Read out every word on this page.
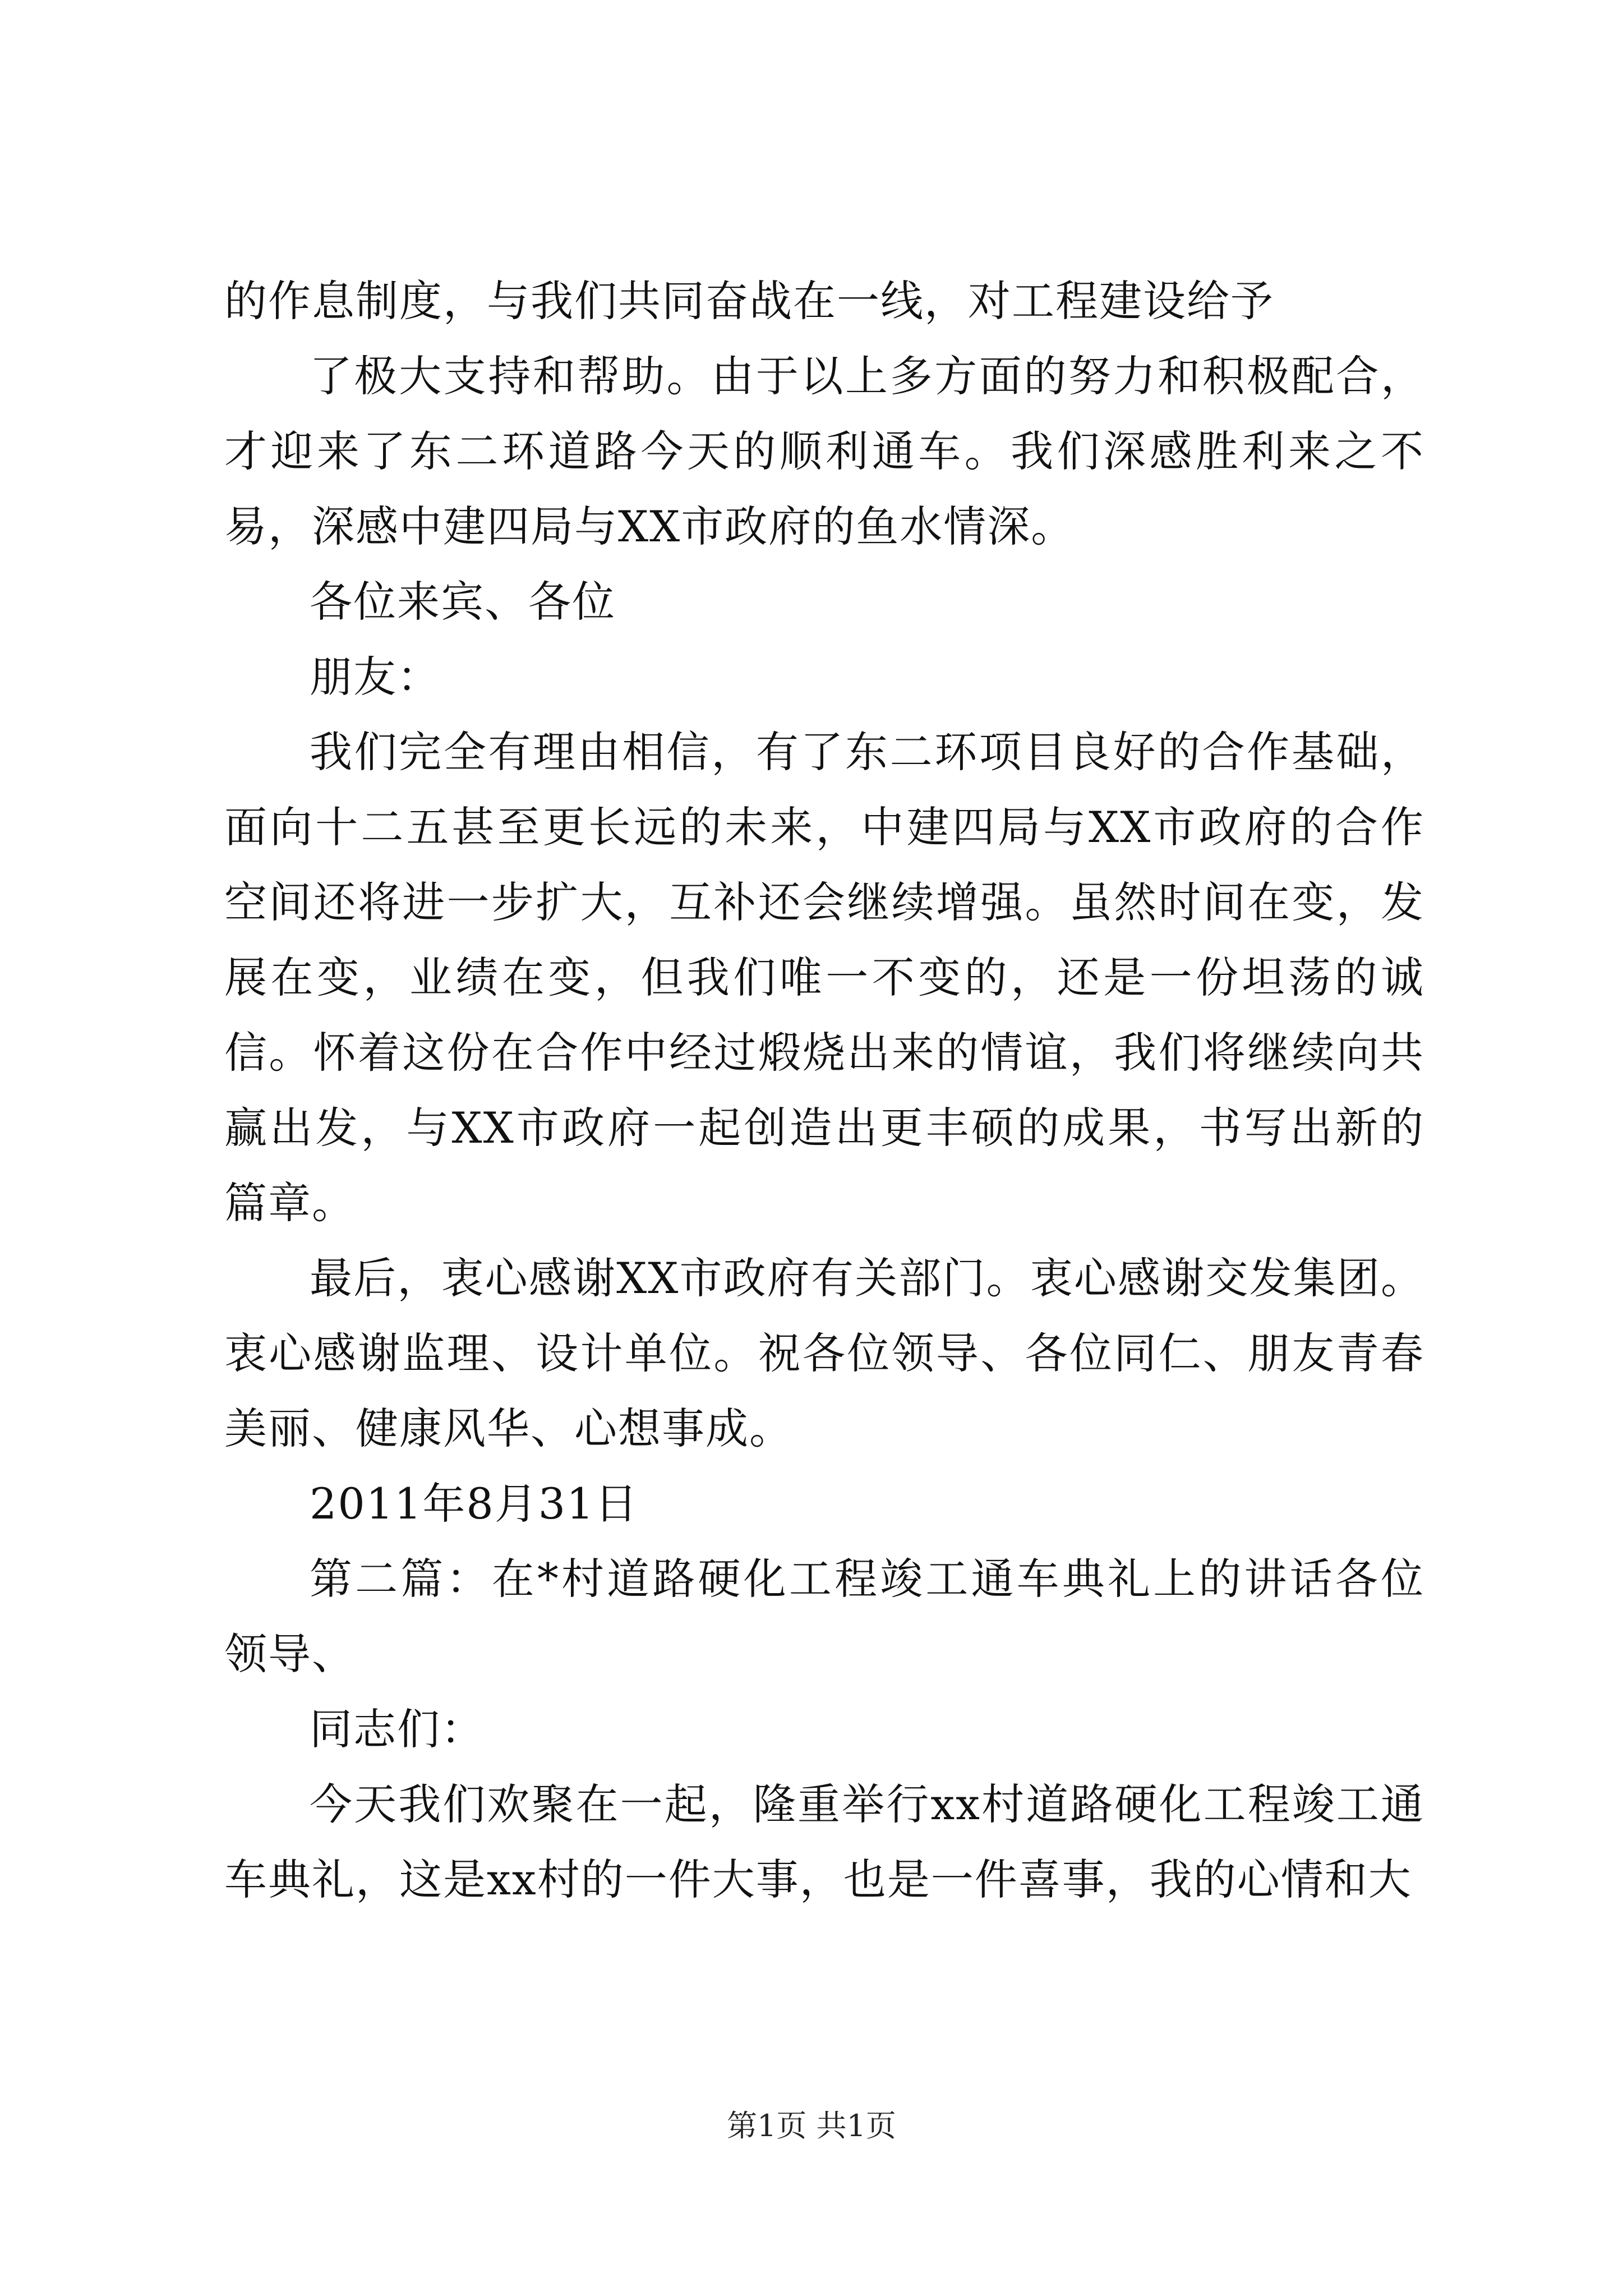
的作息制度，与我们共同奋战在一线，对工程建设给予

了极大支持和帮助。由于以上多方面的努力和积极配合，才迎来了东二环道路今天的顺利通车。我们深感胜利来之不易，深感中建四局与XX市政府的鱼水情深。

各位来宾、各位

朋友：

我们完全有理由相信，有了东二环项目良好的合作基础，面向十二五甚至更长远的未来，中建四局与XX市政府的合作空间还将进一步扩大，互补还会继续增强。虽然时间在变，发展在变，业绩在变，但我们唯一不变的，还是一份坦荡的诚信。怀着这份在合作中经过煅烧出来的情谊，我们将继续向共赢出发，与XX市政府一起创造出更丰硕的成果，书写出新的篇章。

最后，衷心感谢XX市政府有关部门。衷心感谢交发集团。衷心感谢监理、设计单位。祝各位领导、各位同仁、朋友青春美丽、健康风华、心想事成。

2011年8月31日

第二篇：在*村道路硬化工程竣工通车典礼上的讲话各位领导、

同志们：

今天我们欢聚在一起，隆重举行xx村道路硬化工程竣工通车典礼，这是xx村的一件大事，也是一件喜事，我的心情和大

第1页 共1页
